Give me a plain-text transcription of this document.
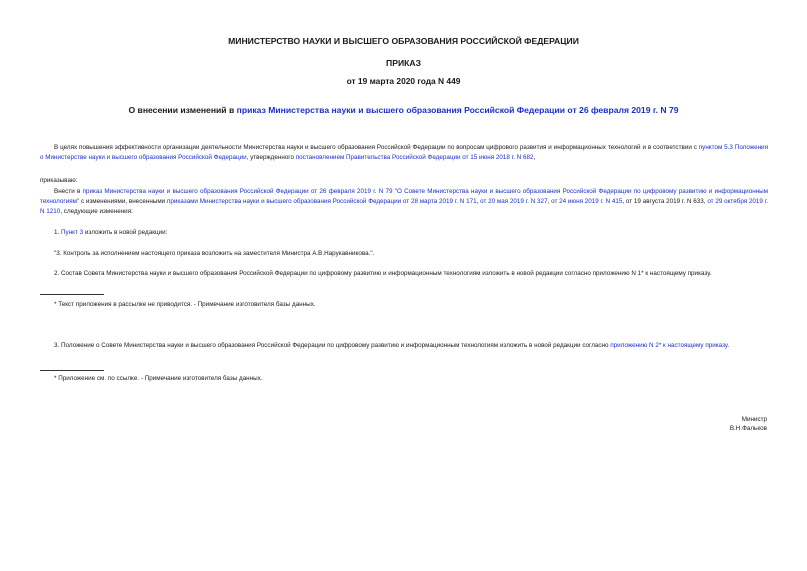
МИНИСТЕРСТВО НАУКИ И ВЫСШЕГО ОБРАЗОВАНИЯ РОССИЙСКОЙ ФЕДЕРАЦИИ
ПРИКАЗ
от 19 марта 2020 года N 449
О внесении изменений в приказ Министерства науки и высшего образования Российской Федерации от 26 февраля 2019 г. N 79
В целях повышения эффективности организации деятельности Министерства науки и высшего образования Российской Федерации по вопросам цифрового развития и информационных технологий и в соответствии с пунктом 5.3 Положения о Министерстве науки и высшего образования Российской Федерации, утвержденного постановлением Правительства Российской Федерации от 15 июня 2018 г. N 682,
приказываю:
Внести в приказ Министерства науки и высшего образования Российской Федерации от 26 февраля 2019 г. N 79 "О Совете Министерства науки и высшего образования Российской Федерации по цифровому развитию и информационным технологиям" с изменениями, внесенными приказами Министерства науки и высшего образования Российской Федерации от 28 марта 2019 г. N 171, от 20 мая 2019 г. N 327, от 24 июня 2019 г. N 415, от 19 августа 2019 г. N 633, от 29 октября 2019 г. N 1210, следующие изменения:
1. Пункт 3 изложить в новой редакции:
"3. Контроль за исполнением настоящего приказа возложить на заместителя Министра А.В.Нарукавникова.".
2. Состав Совета Министерства науки и высшего образования Российской Федерации по цифровому развитию и информационным технологиям изложить в новой редакции согласно приложению N 1* к настоящему приказу.
* Текст приложения в рассылке не приводится. - Примечание изготовителя базы данных.
3. Положение о Совете Министерства науки и высшего образования Российской Федерации по цифровому развитию и информационным технологиям изложить в новой редакции согласно приложению N 2* к настоящему приказу.
* Приложение см. по ссылке. - Примечание изготовителя базы данных.
Министр
В.Н.Фальков
